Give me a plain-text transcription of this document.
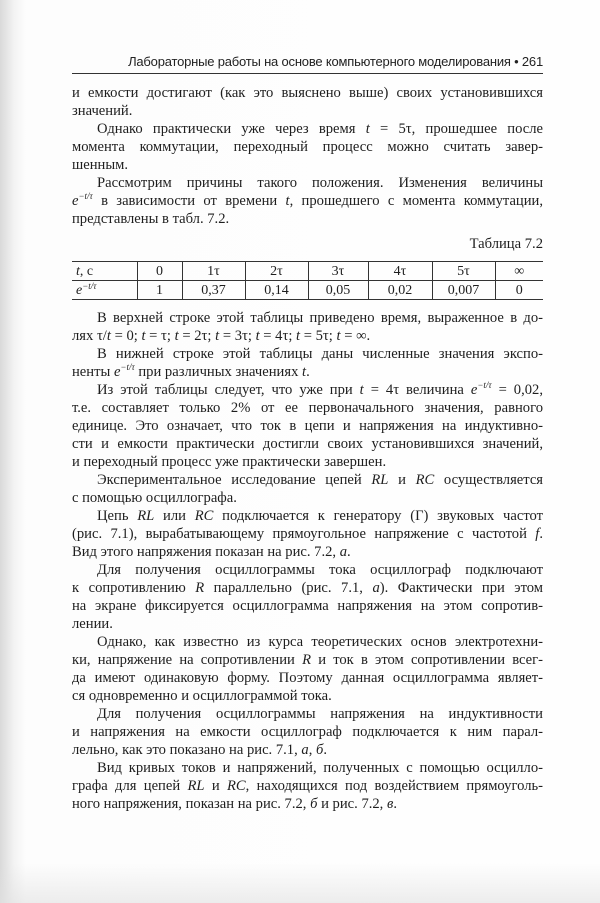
Лабораторные работы на основе компьютерного моделирования • 261
и емкости достигают (как это выяснено выше) своих установившихся
значений.
Однако практически уже через время t = 5τ, прошедшее после
момента коммутации, переходный процесс можно считать завер-
шенным.
Рассмотрим причины такого положения. Изменения величины
$e^{-t/\tau}$ в зависимости от времени t, прошедшего с момента коммутации,
представлены в табл. 7.2.
Таблица 7.2
t, с	0	1τ	2τ	3τ	4τ	5τ	∞
$e^{-t/\tau}$	1	0,37	0,14	0,05	0,02	0,007	0
В верхней строке этой таблицы приведено время, выраженное в до-
лях τ/t = 0; t = τ; t = 2τ; t = 3τ; t = 4τ; t = 5τ; t = ∞.
В нижней строке этой таблицы даны численные значения экспо-
ненты $e^{-t/\tau}$ при различных значениях t.
Из этой таблицы следует, что уже при t = 4τ величина $e^{-t/\tau} = 0,02$,
т.е. составляет только 2% от ее первоначального значения, равного
единице. Это означает, что ток в цепи и напряжения на индуктивно-
сти и емкости практически достигли своих установившихся значений,
и переходный процесс уже практически завершен.
Экспериментальное исследование цепей RL и RC осуществляется
с помощью осциллографа.
Цепь RL или RC подключается к генератору (Г) звуковых частот
(рис. 7.1), вырабатывающему прямоугольное напряжение с частотой f.
Вид этого напряжения показан на рис. 7.2, а.
Для получения осциллограммы тока осциллограф подключают
к сопротивлению R параллельно (рис. 7.1, а). Фактически при этом
на экране фиксируется осциллограмма напряжения на этом сопротив-
лении.
Однако, как известно из курса теоретических основ электротехни-
ки, напряжение на сопротивлении R и ток в этом сопротивлении всег-
да имеют одинаковую форму. Поэтому данная осциллограмма являет-
ся одновременно и осциллограммой тока.
Для получения осциллограммы напряжения на индуктивности
и напряжения на емкости осциллограф подключается к ним парал-
лельно, как это показано на рис. 7.1, а, б.
Вид кривых токов и напряжений, полученных с помощью осцилло-
графа для цепей RL и RC, находящихся под воздействием прямоуголь-
ного напряжения, показан на рис. 7.2, б и рис. 7.2, в.
